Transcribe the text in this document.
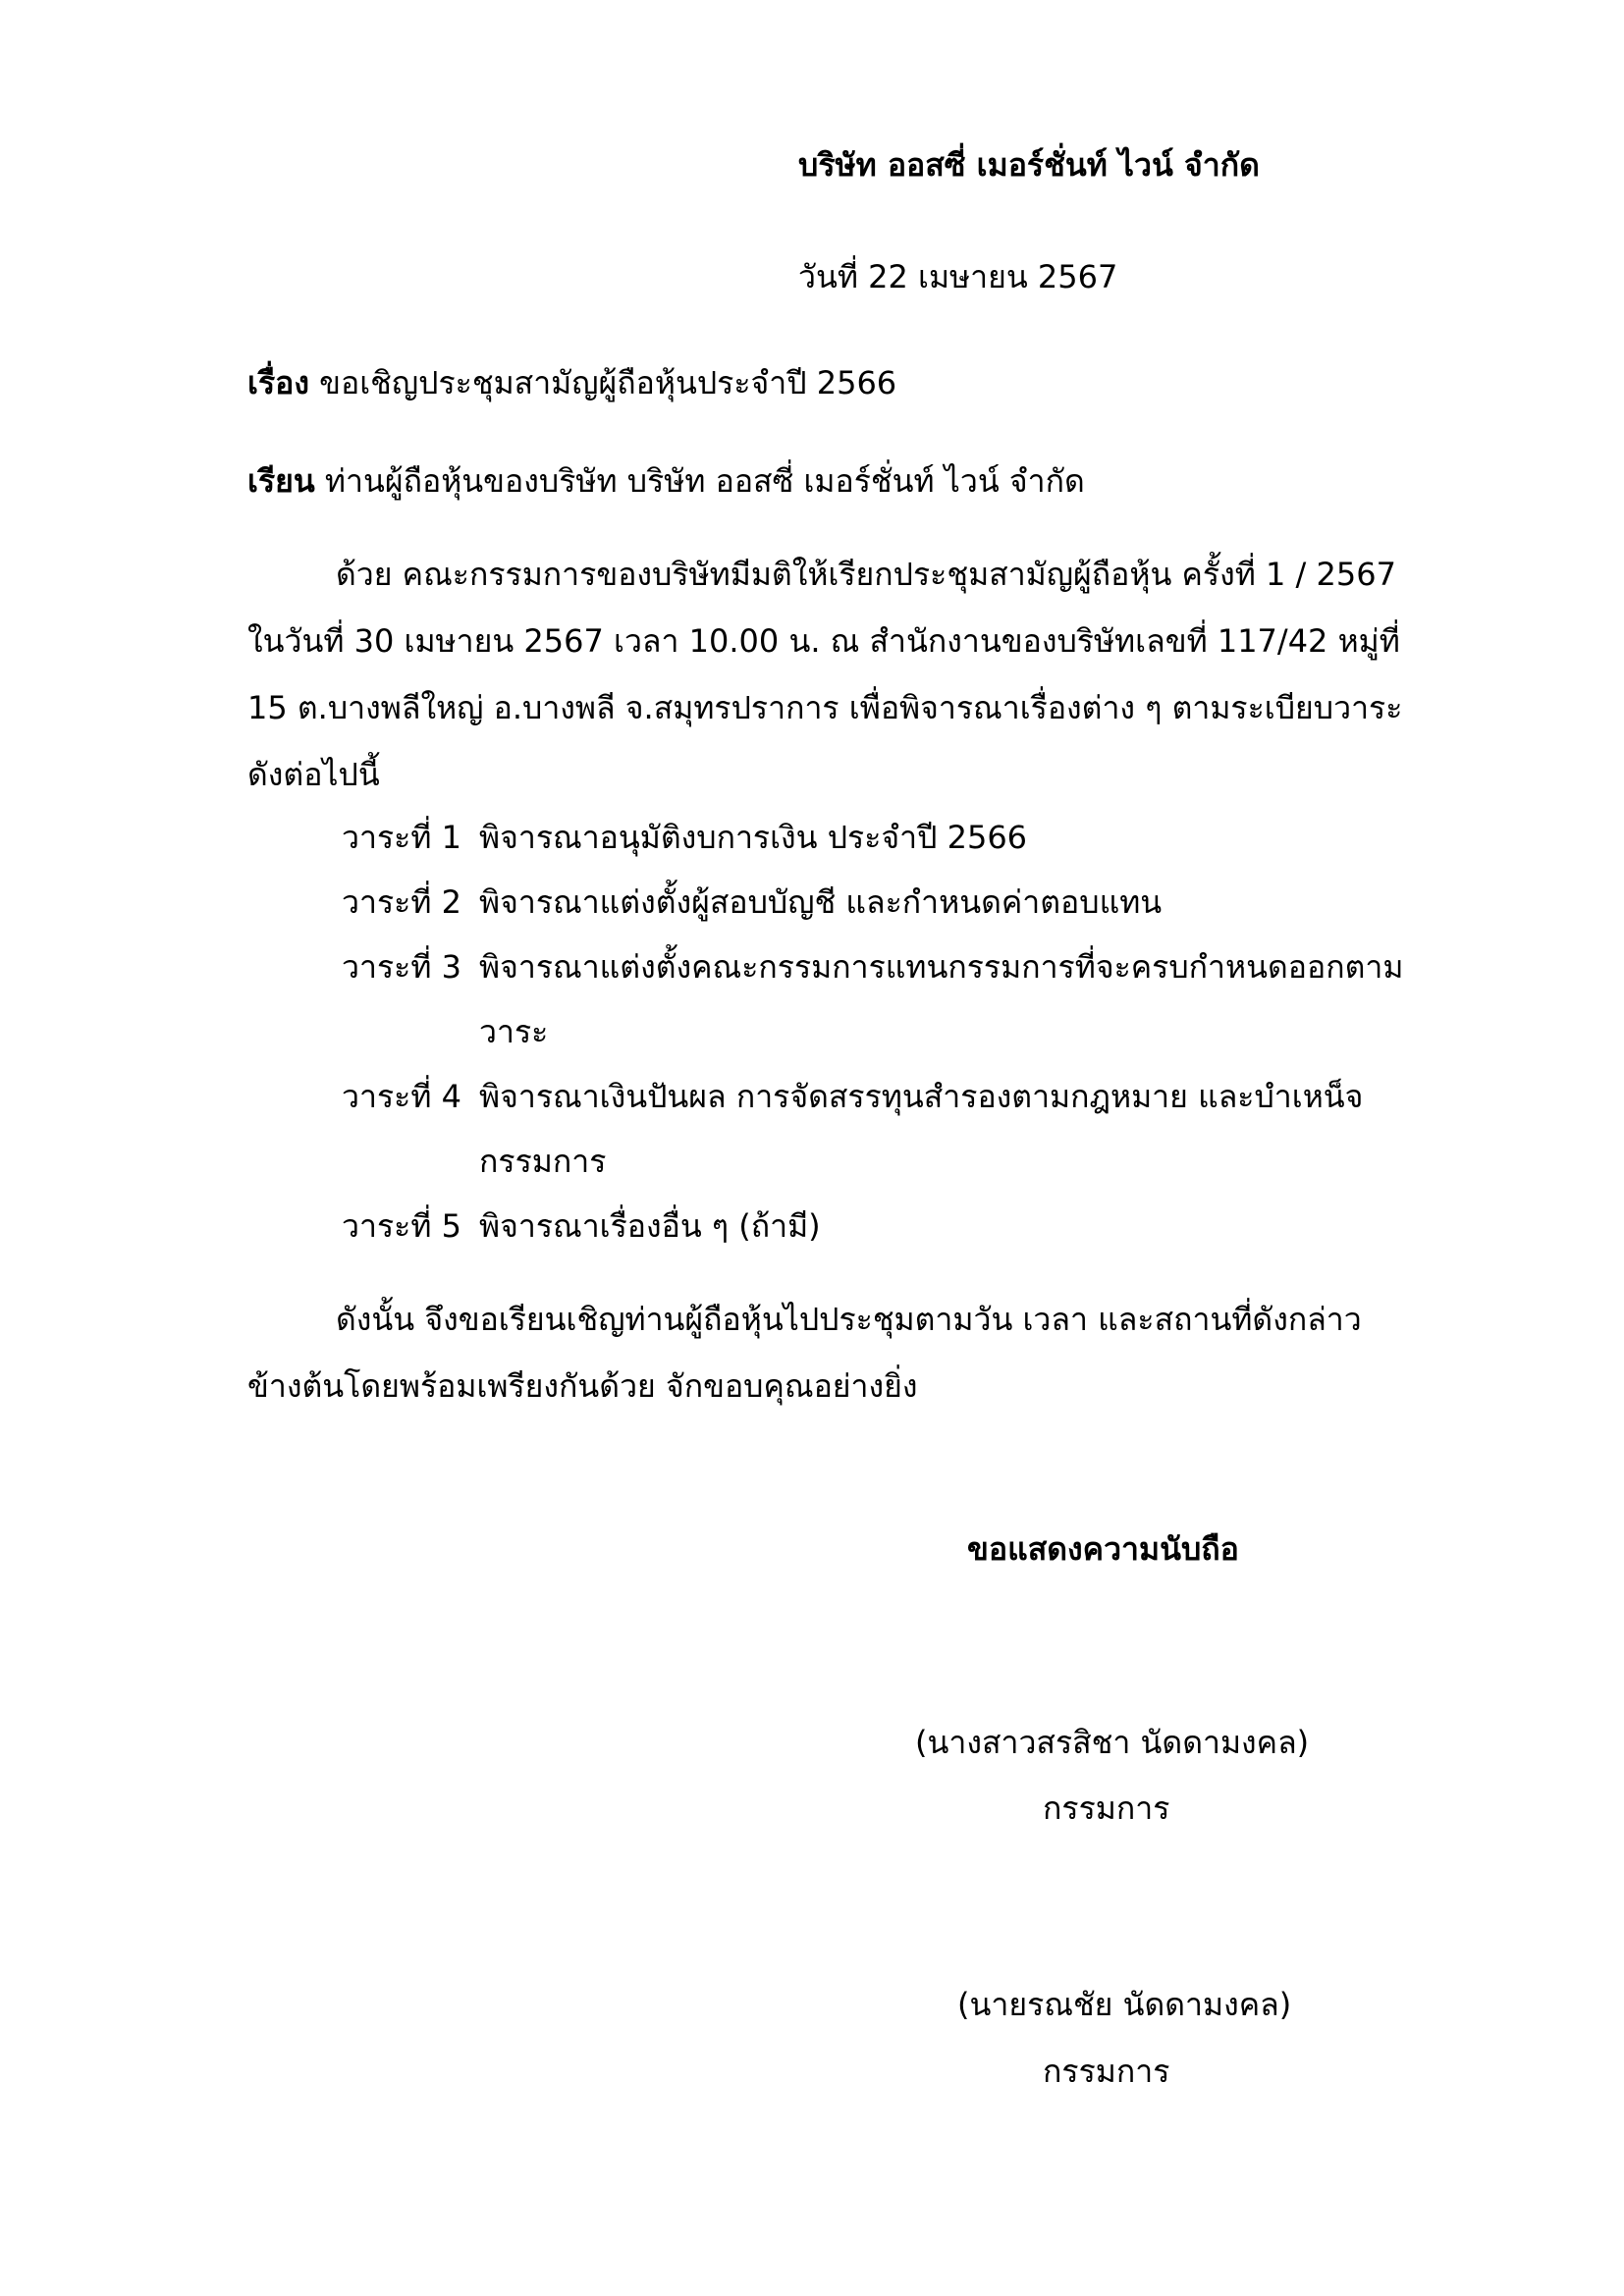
บริษัท ออสซี่ เมอร์ชั่นท์ ไวน์ จำกัด
วันที่ 22 เมษายน 2567
เรื่อง ขอเชิญประชุมสามัญผู้ถือหุ้นประจำปี 2566
เรียน ท่านผู้ถือหุ้นของบริษัท บริษัท ออสซี่ เมอร์ชั่นท์ ไวน์ จำกัด
ด้วย คณะกรรมการของบริษัทมีมติให้เรียกประชุมสามัญผู้ถือหุ้น ครั้งที่ 1 / 2567
ในวันที่ 30 เมษายน 2567 เวลา 10.00 น. ณ สำนักงานของบริษัทเลขที่ 117/42 หมู่ที่
15 ต.บางพลีใหญ่ อ.บางพลี จ.สมุทรปราการ เพื่อพิจารณาเรื่องต่าง ๆ ตามระเบียบวาระ
ดังต่อไปนี้
วาระที่ 1 พิจารณาอนุมัติงบการเงิน ประจำปี 2566
วาระที่ 2 พิจารณาแต่งตั้งผู้สอบบัญชี และกำหนดค่าตอบแทน
วาระที่ 3 พิจารณาแต่งตั้งคณะกรรมการแทนกรรมการที่จะครบกำหนดออกตาม
วาระ
วาระที่ 4 พิจารณาเงินปันผล การจัดสรรทุนสำรองตามกฎหมาย และบำเหน็จ
กรรมการ
วาระที่ 5 พิจารณาเรื่องอื่น ๆ (ถ้ามี)
ดังนั้น จึงขอเรียนเชิญท่านผู้ถือหุ้นไปประชุมตามวัน เวลา และสถานที่ดังกล่าว
ข้างต้นโดยพร้อมเพรียงกันด้วย จักขอบคุณอย่างยิ่ง
ขอแสดงความนับถือ
(นางสาวสรสิชา นัดดามงคล)
กรรมการ
(นายรณชัย นัดดามงคล)
กรรมการ
